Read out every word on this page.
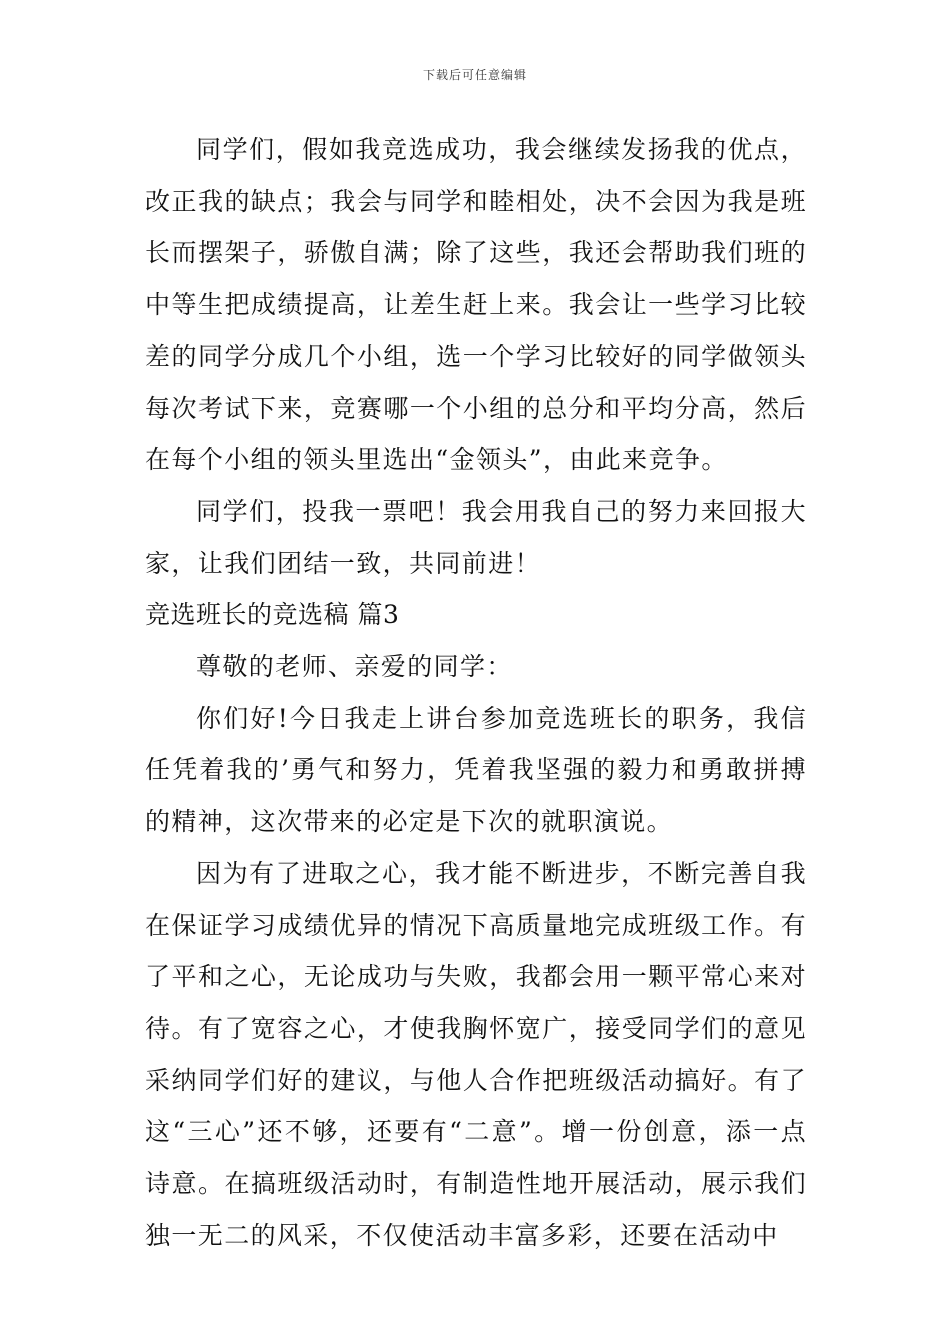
下载后可任意编辑

同学们，假如我竞选成功，我会继续发扬我的优点，改正我的缺点；我会与同学和睦相处，决不会因为我是班长而摆架子，骄傲自满；除了这些，我还会帮助我们班的中等生把成绩提高，让差生赶上来。我会让一些学习比较差的同学分成几个小组，选一个学习比较好的同学做领头每次考试下来，竞赛哪一个小组的总分和平均分高，然后在每个小组的领头里选出“金领头”，由此来竞争。

同学们，投我一票吧！我会用我自己的努力来回报大家，让我们团结一致，共同前进！

竞选班长的竞选稿 篇3

尊敬的老师、亲爱的同学：

你们好!今日我走上讲台参加竞选班长的职务，我信任凭着我的’勇气和努力，凭着我坚强的毅力和勇敢拼搏的精神，这次带来的必定是下次的就职演说。

因为有了进取之心，我才能不断进步，不断完善自我在保证学习成绩优异的情况下高质量地完成班级工作。有了平和之心，无论成功与失败，我都会用一颗平常心来对待。有了宽容之心，才使我胸怀宽广，接受同学们的意见采纳同学们好的建议，与他人合作把班级活动搞好。有了这“三心”还不够，还要有“二意”。增一份创意，添一点诗意。在搞班级活动时，有制造性地开展活动，展示我们独一无二的风采，不仅使活动丰富多彩，还要在活动中
